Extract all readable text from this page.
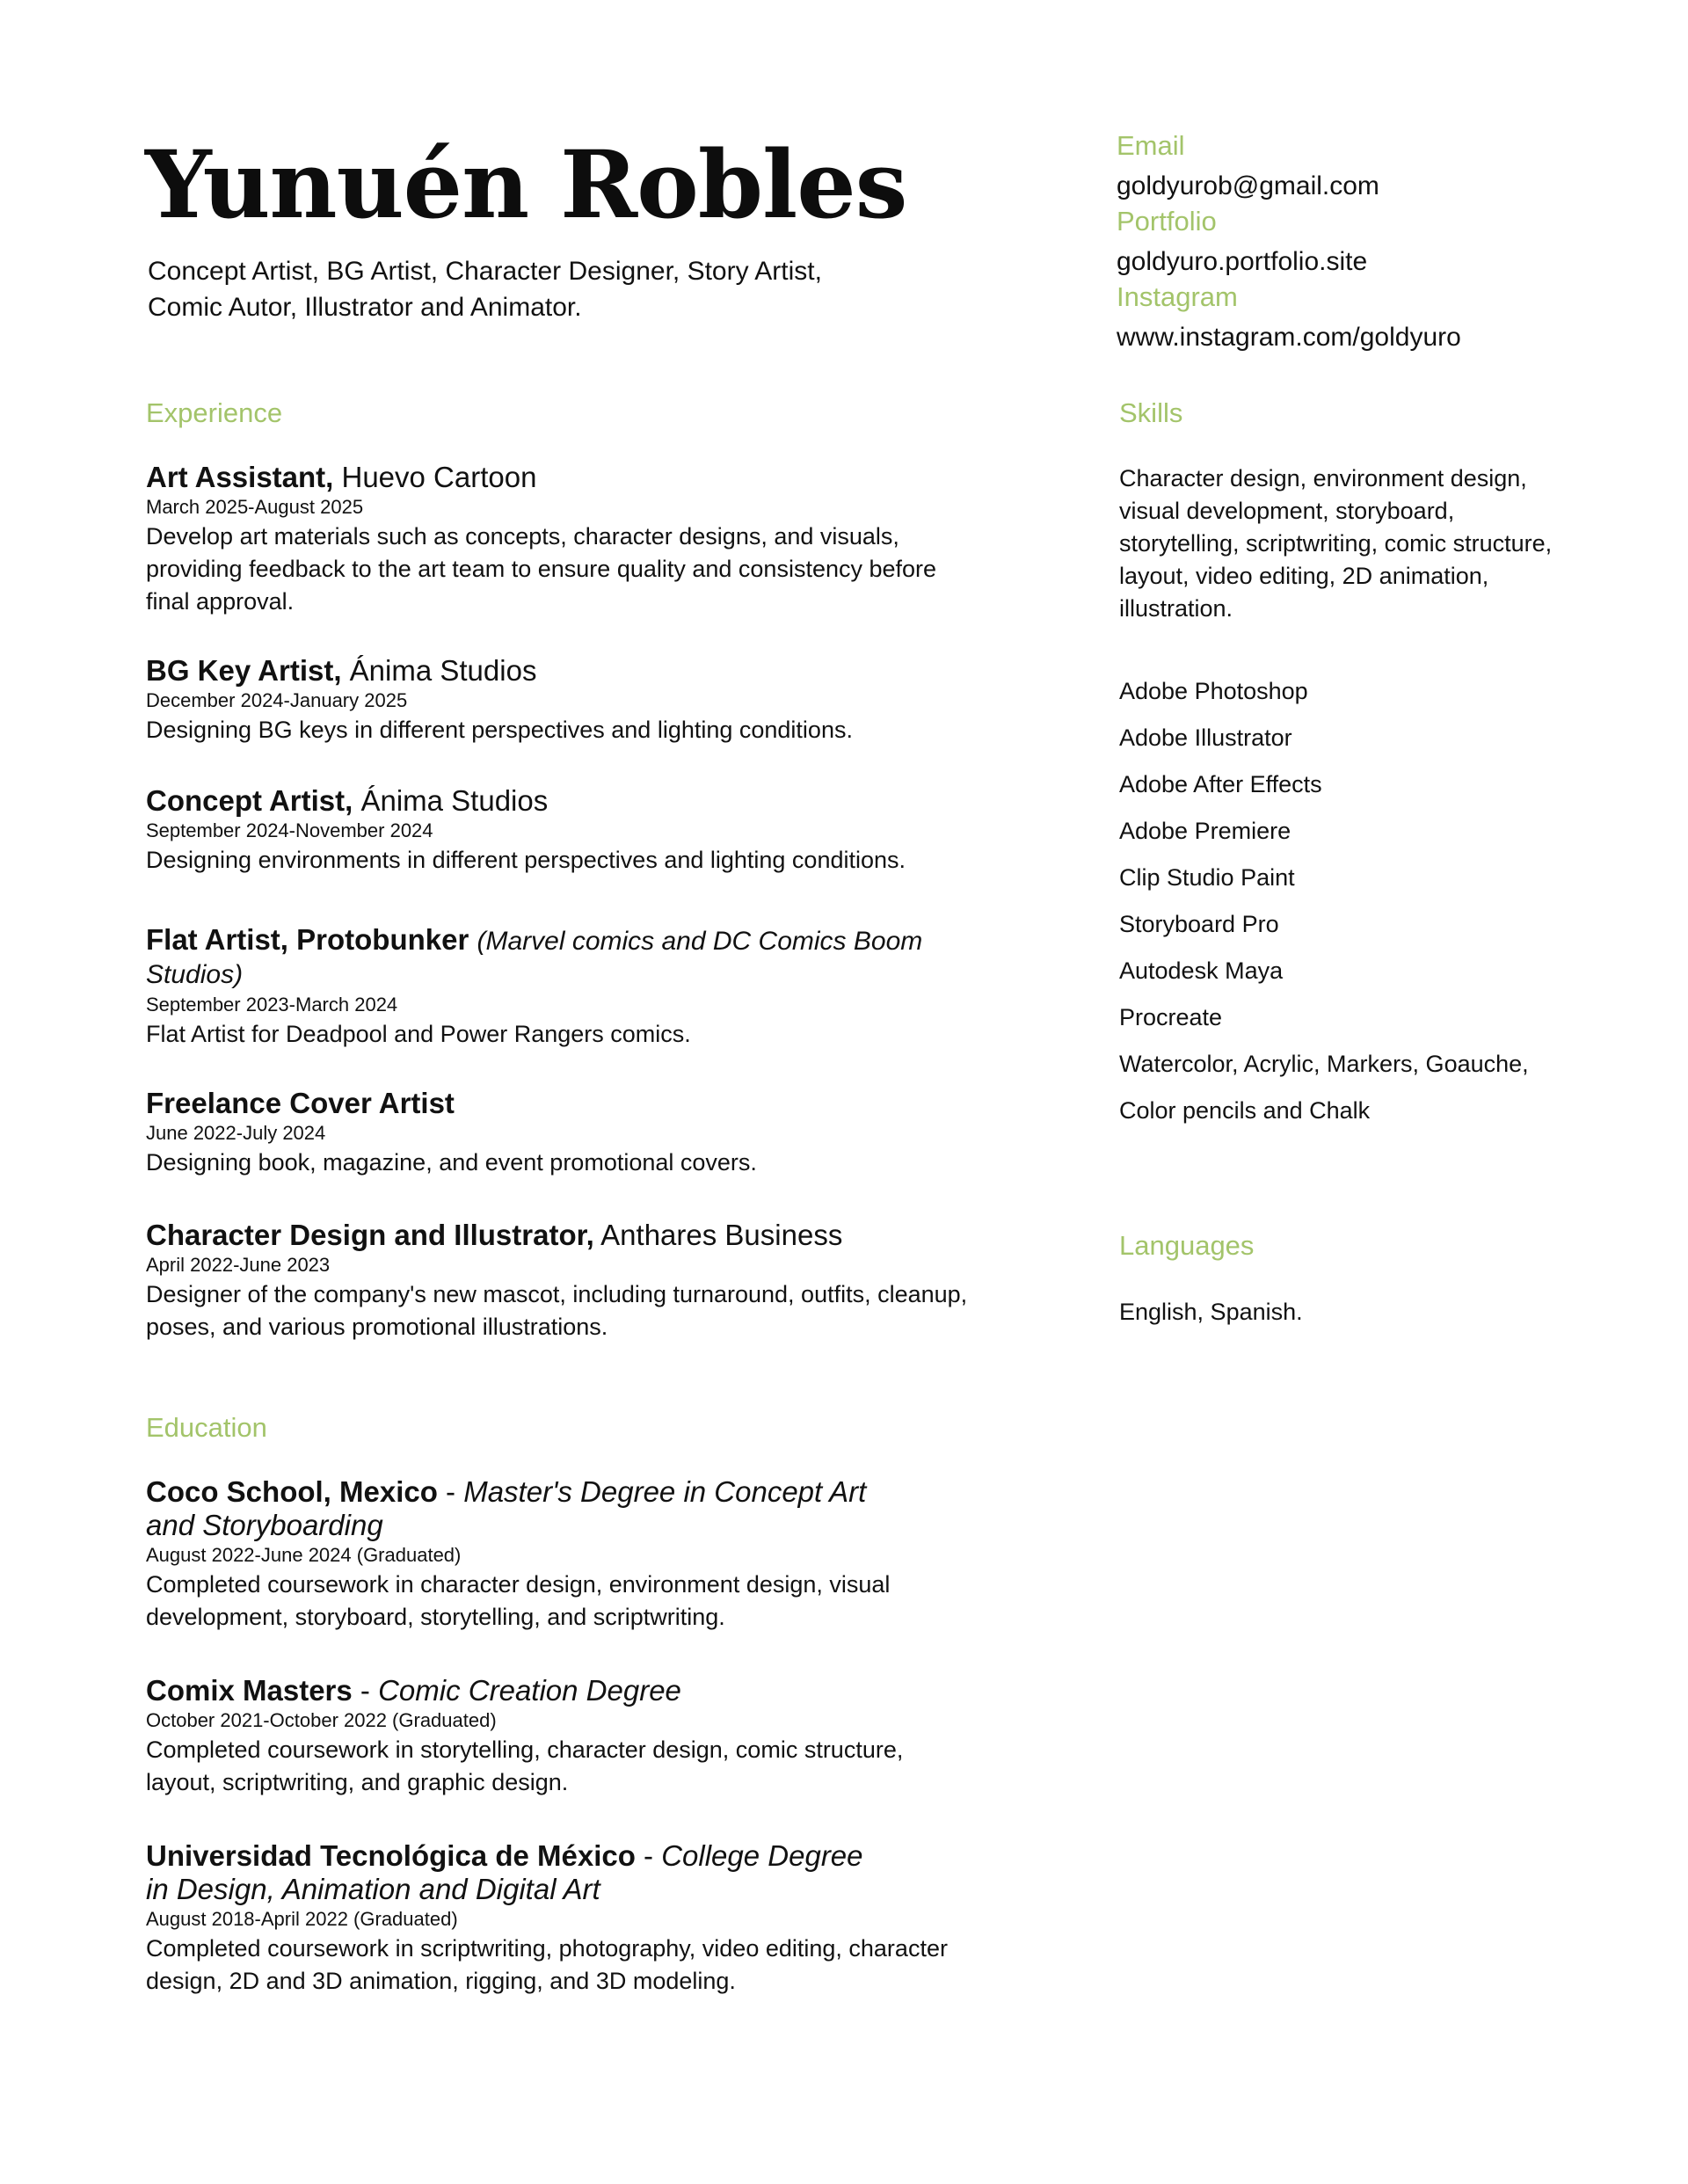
Yunuén Robles
Concept Artist, BG Artist, Character Designer, Story Artist,
Comic Autor, Illustrator and Animator.
Email
goldyurob@gmail.com
Portfolio
goldyuro.portfolio.site
Instagram
www.instagram.com/goldyuro
Experience
Art Assistant, Huevo Cartoon
March 2025-August 2025
Develop art materials such as concepts, character designs, and visuals,
providing feedback to the art team to ensure quality and consistency before
final approval.
BG Key Artist, Ánima Studios
December 2024-January 2025
Designing BG keys in different perspectives and lighting conditions.
Concept Artist, Ánima Studios
September 2024-November 2024
Designing environments in different perspectives and lighting conditions.
Flat Artist, Protobunker (Marvel comics and DC Comics Boom
Studios)
September 2023-March 2024
Flat Artist for Deadpool and Power Rangers comics.
Freelance Cover Artist
June 2022-July 2024
Designing book, magazine, and event promotional covers.
Character Design and Illustrator, Anthares Business
April 2022-June 2023
Designer of the company's new mascot, including turnaround, outfits, cleanup,
poses, and various promotional illustrations.
Education
Coco School, Mexico - Master's Degree in Concept Art
and Storyboarding
August 2022-June 2024 (Graduated)
Completed coursework in character design, environment design, visual
development, storyboard, storytelling, and scriptwriting.
Comix Masters - Comic Creation Degree
October 2021-October 2022 (Graduated)
Completed coursework in storytelling, character design, comic structure,
layout, scriptwriting, and graphic design.
Universidad Tecnológica de México - College Degree
in Design, Animation and Digital Art
August 2018-April 2022 (Graduated)
Completed coursework in scriptwriting, photography, video editing, character
design, 2D and 3D animation, rigging, and 3D modeling.
Skills
Character design, environment design,
visual development, storyboard,
storytelling, scriptwriting, comic structure,
layout, video editing, 2D animation,
illustration.
Adobe Photoshop
Adobe Illustrator
Adobe After Effects
Adobe Premiere
Clip Studio Paint
Storyboard Pro
Autodesk Maya
Procreate
Watercolor, Acrylic, Markers, Goauche,
Color pencils and Chalk
Languages
English, Spanish.
